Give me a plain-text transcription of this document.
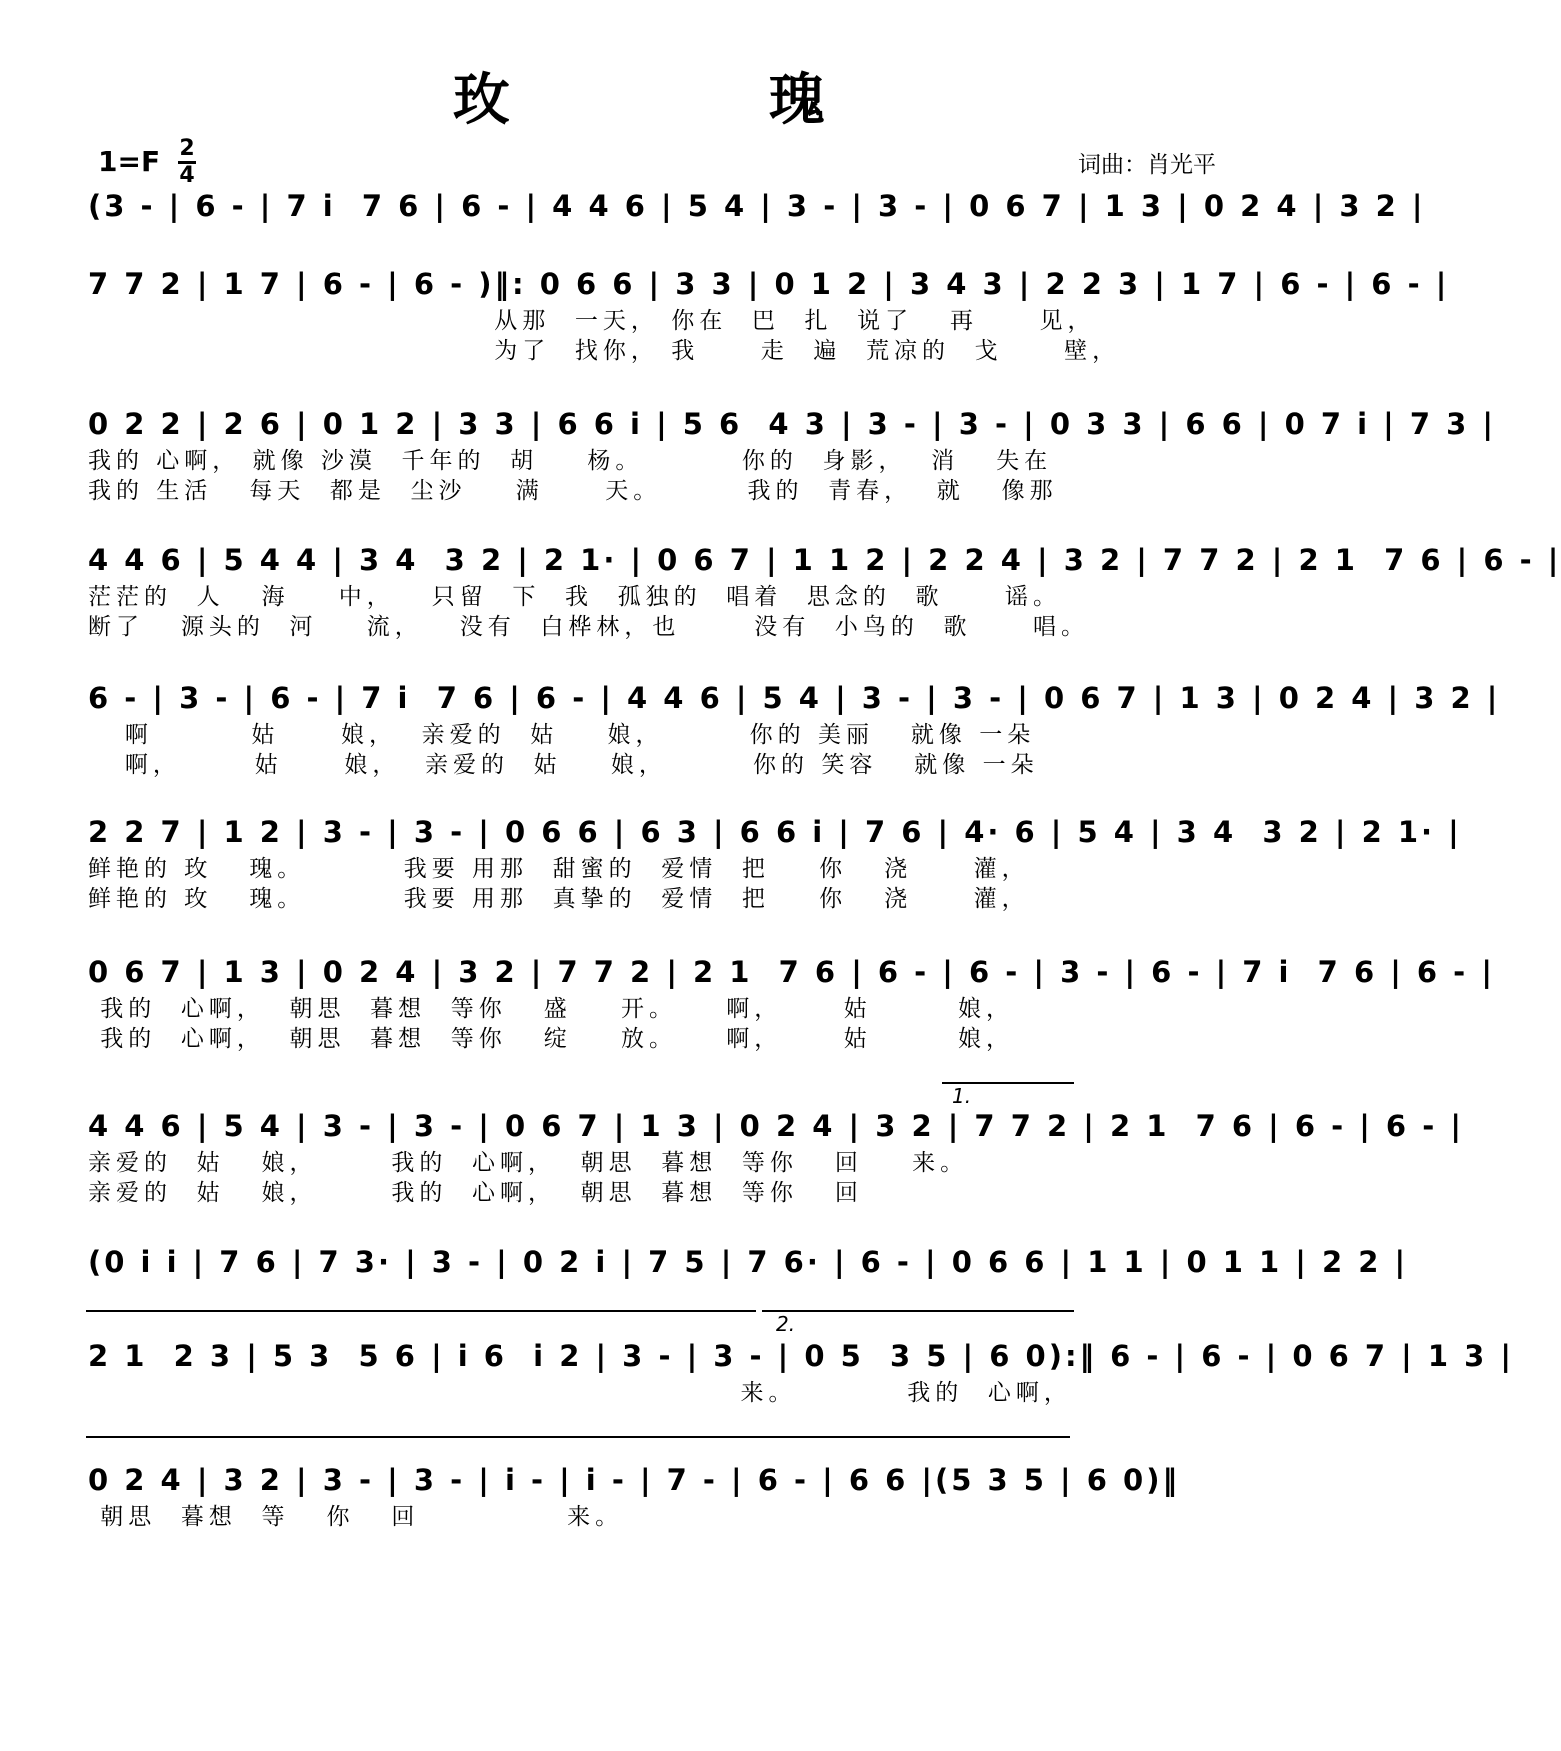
玫 瑰
1=F 2
4	词曲：肖光平
(3 - | 6 - | 7 i  7 6 | 6 - | 4 4 6 | 5 4 | 3 - | 3 - | 0 6 7 | 1 3 | 0 2 4 | 3 2 |
7 7 2 | 1 7 | 6 - | 6 - )‖: 0 6 6 | 3 3 | 0 1 2 | 3 4 3 | 2 2 3 | 1 7 | 6 - | 6 - |
从那  一天， 你在  巴  扎  说了   再     见，
为了  找你， 我     走  遍  荒凉的  戈     壁，
0 2 2 | 2 6 | 0 1 2 | 3 3 | 6 6 i | 5 6  4 3 | 3 - | 3 - | 0 3 3 | 6 6 | 0 7 i | 7 3 |
我的 心啊， 就像 沙漠  千年的  胡    杨。        你的  身影，  消   失在
我的 生活   每天  都是  尘沙    满     天。       我的  青春，  就   像那
4 4 6 | 5 4 4 | 3 4  3 2 | 2 1· | 0 6 7 | 1 1 2 | 2 2 4 | 3 2 | 7 7 2 | 2 1  7 6 | 6 - |
茫茫的  人   海    中，   只留  下  我  孤独的  唱着  思念的  歌     谣。
断了   源头的  河    流，   没有  白桦林，也      没有  小鸟的  歌     唱。
6 - | 3 - | 6 - | 7 i  7 6 | 6 - | 4 4 6 | 5 4 | 3 - | 3 - | 0 6 7 | 1 3 | 0 2 4 | 3 2 |
啊        姑     娘，  亲爱的  姑    娘，       你的 美丽   就像 一朵
啊，      姑     娘，  亲爱的  姑    娘，       你的 笑容   就像 一朵
2 2 7 | 1 2 | 3 - | 3 - | 0 6 6 | 6 3 | 6 6 i | 7 6 | 4· 6 | 5 4 | 3 4  3 2 | 2 1· |
鲜艳的 玫   瑰。        我要 用那  甜蜜的  爱情  把    你   浇     灌，
鲜艳的 玫   瑰。        我要 用那  真挚的  爱情  把    你   浇     灌，
0 6 7 | 1 3 | 0 2 4 | 3 2 | 7 7 2 | 2 1  7 6 | 6 - | 6 - | 3 - | 6 - | 7 i  7 6 | 6 - |
我的  心啊，  朝思  暮想  等你   盛    开。    啊，     姑       娘，
我的  心啊，  朝思  暮想  等你   绽    放。    啊，     姑       娘，
4 4 6 | 5 4 | 3 - | 3 - | 0 6 7 | 1 3 | 0 2 4 | 3 2 | 7 7 2 | 2 1  7 6 | 6 - | 6 - |
亲爱的  姑   娘，      我的  心啊，  朝思  暮想  等你   回    来。
亲爱的  姑   娘，      我的  心啊，  朝思  暮想  等你   回
(0 i i | 7 6 | 7 3· | 3 - | 0 2 i | 7 5 | 7 6· | 6 - | 0 6 6 | 1 1 | 0 1 1 | 2 2 |
2 1  2 3 | 5 3  5 6 | i 6  i 2 | 3 - | 3 - | 0 5  3 5 | 6 0):‖ 6 - | 6 - | 0 6 7 | 1 3 |
来。         我的  心啊，
0 2 4 | 3 2 | 3 - | 3 - | i - | i - | 7 - | 6 - | 6 6 |(5 3 5 | 6 0)‖
朝思  暮想  等   你   回            来。
1.
2.
